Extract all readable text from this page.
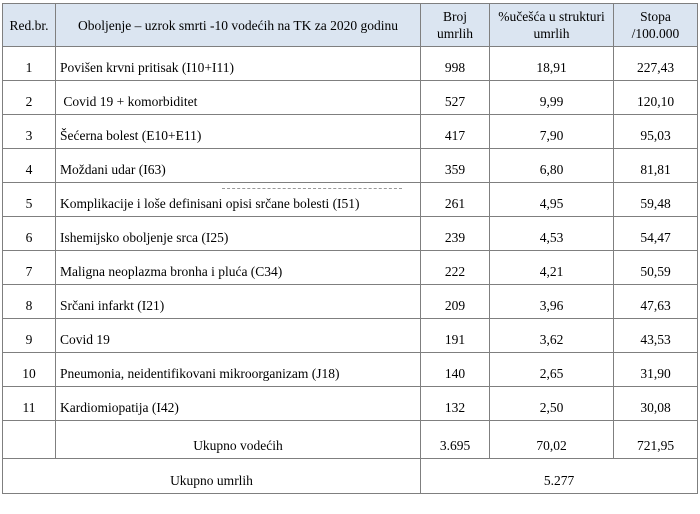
Red.br.	Oboljenje – uzrok smrti -10 vodećih na TK za 2020 godinu	Broj umrlih	%učešća u strukturi umrlih	Stopa /100.000
1	Povišen krvni pritisak (I10+I11)	998	18,91	227,43
2	Covid 19 + komorbiditet	527	9,99	120,10
3	Šećerna bolest (E10+E11)	417	7,90	95,03
4	Moždani udar (I63)	359	6,80	81,81
5	Komplikacije i loše definisani opisi srčane bolesti (I51)	261	4,95	59,48
6	Ishemijsko oboljenje srca (I25)	239	4,53	54,47
7	Maligna neoplazma bronha i pluća (C34)	222	4,21	50,59
8	Srčani infarkt (I21)	209	3,96	47,63
9	Covid 19	191	3,62	43,53
10	Pneumonia, neidentifikovani mikroorganizam (J18)	140	2,65	31,90
11	Kardiomiopatija (I42)	132	2,50	30,08
	Ukupno vodećih	3.695	70,02	721,95
Ukupno umrlih		5.277		
